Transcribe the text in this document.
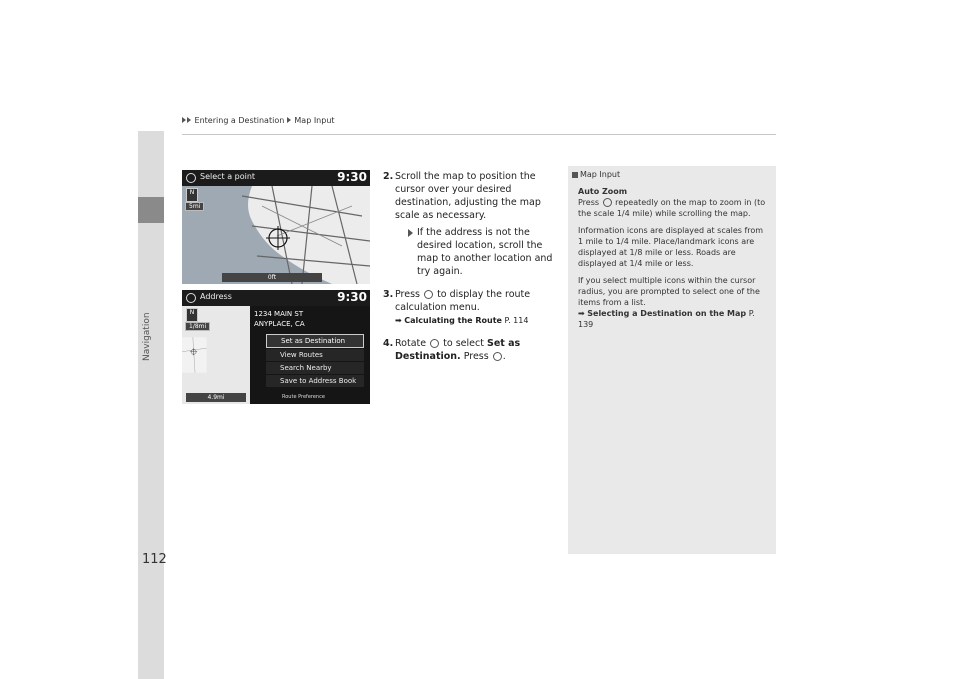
Navigation
Entering a Destination Map Input
Select a point	9:30
N
5mi
0ft
Address	9:30
N
1/8mi
4.9mi
1234 MAIN ST
ANYPLACE, CA
Set as Destination
View Routes
Search Nearby
Save to Address Book
Route Preference
2. Scroll the map to position the cursor over your desired destination, adjusting the map scale as necessary.
If the address is not the desired location, scroll the map to another location and try again.
3. Press to display the route calculation menu.
➡ Calculating the Route P. 114
4. Rotate to select Set as Destination. Press .
Map Input

Auto Zoom

Press repeatedly on the map to zoom in (to the scale 1/4 mile) while scrolling the map.

Information icons are displayed at scales from 1 mile to 1/4 mile. Place/landmark icons are displayed at 1/8 mile or less. Roads are displayed at 1/4 mile or less.

If you select multiple icons within the cursor radius, you are prompted to select one of the items from a list.

➡ Selecting a Destination on the Map P. 139

112
